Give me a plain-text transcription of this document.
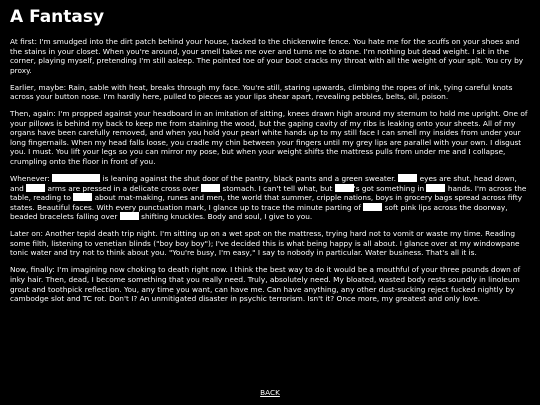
A Fantasy

At first: I'm smudged into the dirt patch behind your house, tacked to the chickenwire fence. You hate me for the scuffs on your shoes and the stains in your closet. When you're around, your smell takes me over and turns me to stone. I'm nothing but dead weight. I sit in the corner, playing myself, pretending I'm still asleep. The pointed toe of your boot cracks my throat with all the weight of your spit. You cry by proxy.

Earlier, maybe: Rain, sable with heat, breaks through my face. You're still, staring upwards, climbing the ropes of ink, tying careful knots across your button nose. I'm hardly here, pulled to pieces as your lips shear apart, revealing pebbles, belts, oil, poison.

Then, again: I'm propped against your headboard in an imitation of sitting, knees drawn high around my sternum to hold me upright. One of your pillows is behind my back to keep me from staining the wood, but the gaping cavity of my ribs is leaking onto your sheets. All of my organs have been carefully removed, and when you hold your pearl white hands up to my still face I can smell my insides from under your long fingernails. When my head falls loose, you cradle my chin between your fingers until my grey lips are parallel with your own. I disgust you. I must. You lift your legs so you can mirror my pose, but when your weight shifts the mattress pulls from under me and I collapse, crumpling onto the floor in front of you.

Whenever:	is leaning against the shut door of the pantry, black pants and a green sweater.	eyes are shut, head down, and	arms are pressed in a delicate cross over	stomach. I can't tell what, but	's got something in	hands. I'm across the table, reading to	about mat-making, runes and men, the world that summer, cripple nations, boys in grocery bags spread across fifty states. Beautiful faces. With every punctuation mark, I glance up to trace the minute parting of	soft pink lips across the doorway, beaded bracelets falling over	shifting knuckles. Body and soul, I give to you.

Later on: Another tepid death trip night. I'm sitting up on a wet spot on the mattress, trying hard not to vomit or waste my time. Reading some filth, listening to venetian blinds ("boy boy boy"); I've decided this is what being happy is all about. I glance over at my windowpane tonic water and try not to think about you. "You're busy, I'm easy," I say to nobody in particular. Water business. That's all it is.

Now, finally: I'm imagining now choking to death right now. I think the best way to do it would be a mouthful of your three pounds down of inky hair. Then, dead, I become something that you really need. Truly, absolutely need. My bloated, wasted body rests soundly in linoleum grout and toothpick reflection. You, any time you want, can have me. Can have anything, any other dust-sucking reject fucked nightly by cambodge slot and TC rot. Don't I? An unmitigated disaster in psychic terrorism. Isn't it? Once more, my greatest and only love.

BACK
